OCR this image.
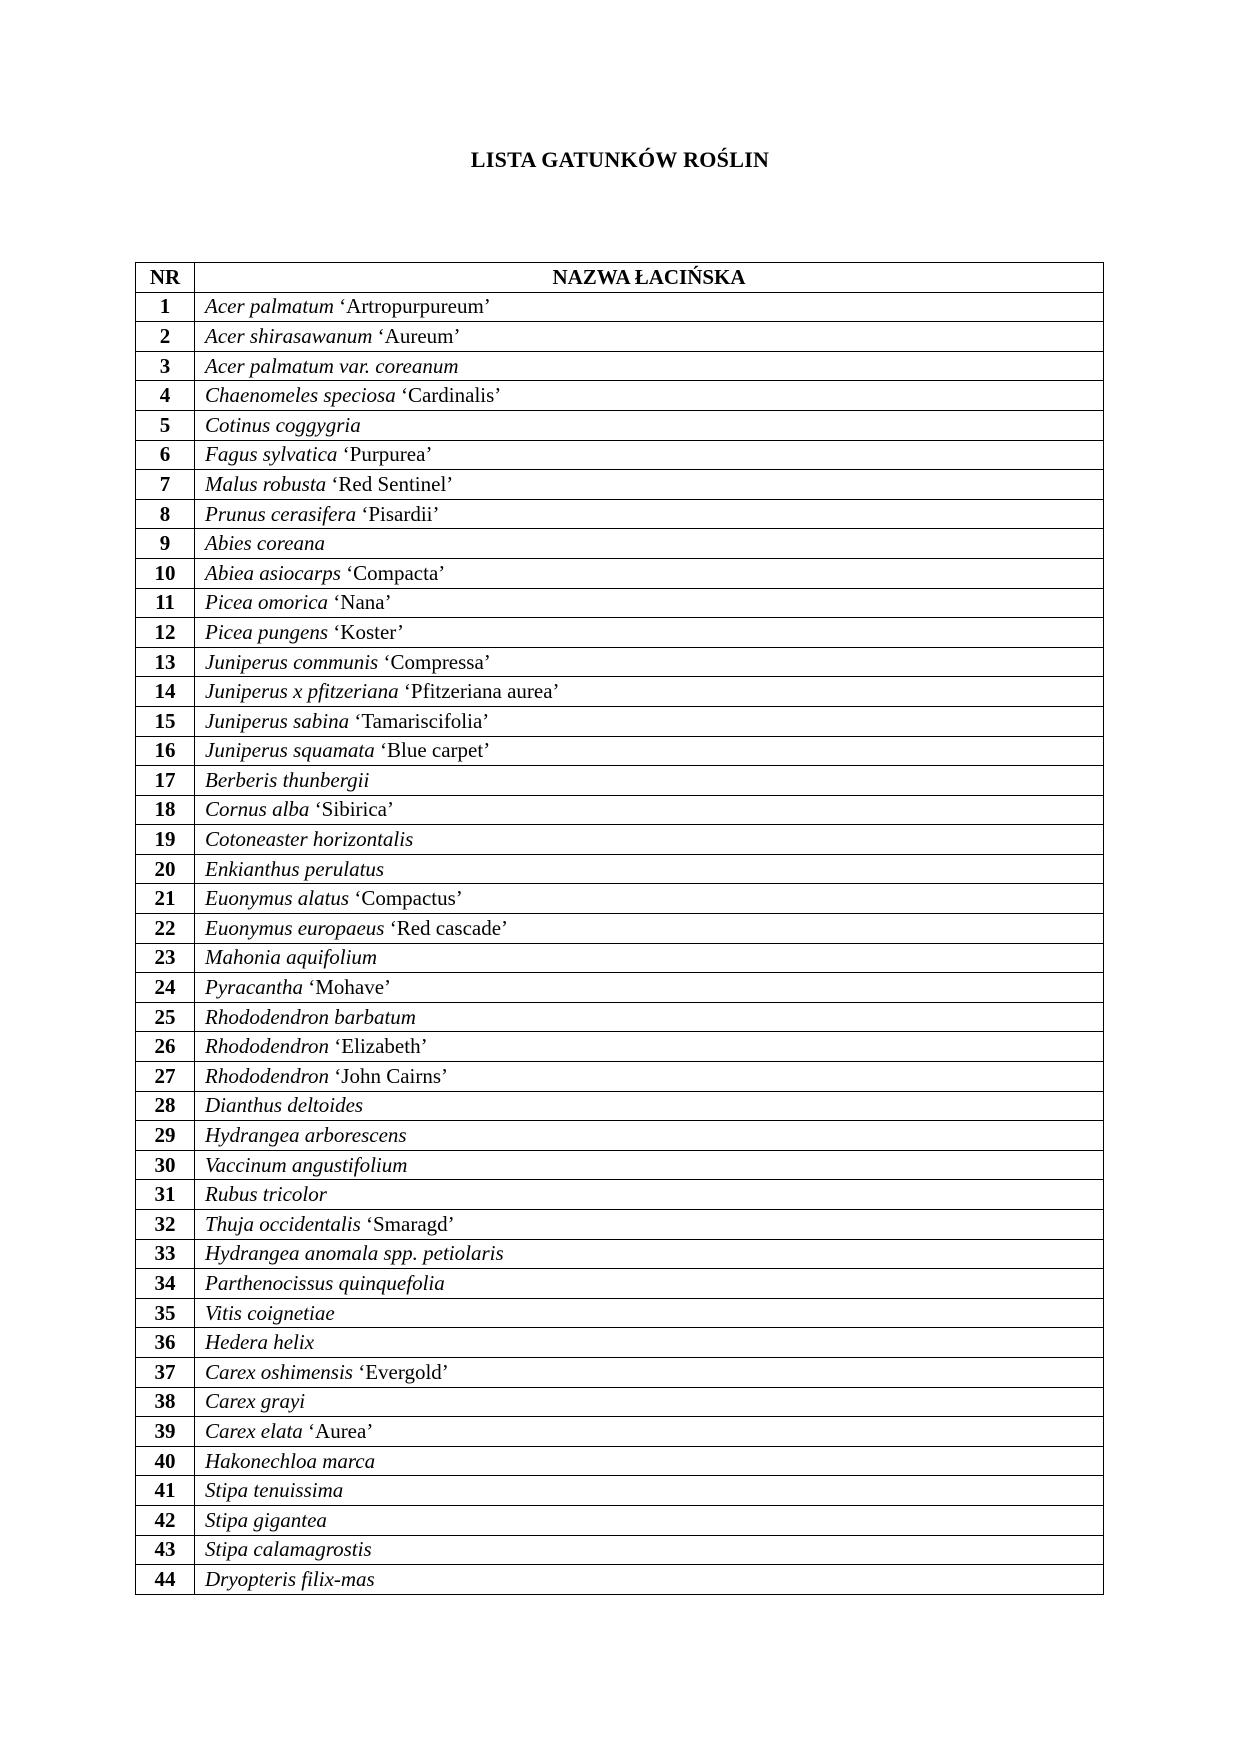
LISTA GATUNKÓW ROŚLIN
NR	NAZWA ŁACIŃSKA
1	Acer palmatum ‘Artropurpureum’
2	Acer shirasawanum ‘Aureum’
3	Acer palmatum var. coreanum
4	Chaenomeles speciosa ‘Cardinalis’
5	Cotinus coggygria
6	Fagus sylvatica ‘Purpurea’
7	Malus robusta ‘Red Sentinel’
8	Prunus cerasifera ‘Pisardii’
9	Abies coreana
10	Abiea asiocarps ‘Compacta’
11	Picea omorica ‘Nana’
12	Picea pungens ‘Koster’
13	Juniperus communis ‘Compressa’
14	Juniperus x pfitzeriana ‘Pfitzeriana aurea’
15	Juniperus sabina ‘Tamariscifolia’
16	Juniperus squamata ‘Blue carpet’
17	Berberis thunbergii
18	Cornus alba ‘Sibirica’
19	Cotoneaster horizontalis
20	Enkianthus perulatus
21	Euonymus alatus ‘Compactus’
22	Euonymus europaeus ‘Red cascade’
23	Mahonia aquifolium
24	Pyracantha ‘Mohave’
25	Rhododendron barbatum
26	Rhododendron ‘Elizabeth’
27	Rhododendron ‘John Cairns’
28	Dianthus deltoides
29	Hydrangea arborescens
30	Vaccinum angustifolium
31	Rubus tricolor
32	Thuja occidentalis ‘Smaragd’
33	Hydrangea anomala spp. petiolaris
34	Parthenocissus quinquefolia
35	Vitis coignetiae
36	Hedera helix
37	Carex oshimensis ‘Evergold’
38	Carex grayi
39	Carex elata ‘Aurea’
40	Hakonechloa marca
41	Stipa tenuissima
42	Stipa gigantea
43	Stipa calamagrostis
44	Dryopteris filix-mas
